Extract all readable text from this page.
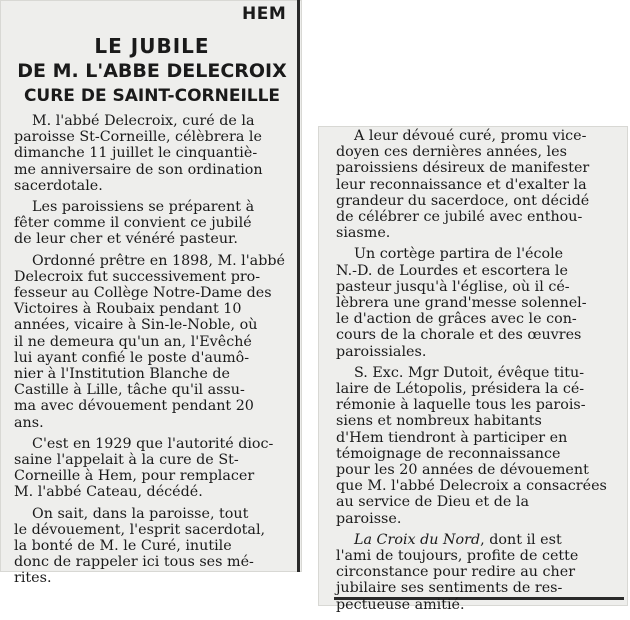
HEM
LE JUBILE
DE M. L'ABBE DELECROIX
CURE DE SAINT-CORNEILLE
M. l'abbé Delecroix, curé de la
paroisse St-Corneille, célèbrera le
dimanche 11 juillet le cinquantiè-
me anniversaire de son ordination
sacerdotale.
Les paroissiens se préparent à
fêter comme il convient ce jubilé
de leur cher et vénéré pasteur.
Ordonné prêtre en 1898, M. l'abbé
Delecroix fut successivement pro-
fesseur au Collège Notre-Dame des
Victoires à Roubaix pendant 10
années, vicaire à Sin-le-Noble, où
il ne demeura qu'un an, l'Evêché
lui ayant confié le poste d'aumô-
nier à l'Institution Blanche de
Castille à Lille, tâche qu'il assu-
ma avec dévouement pendant 20
ans.
C'est en 1929 que l'autorité dioc-
saine l'appelait à la cure de St-
Corneille à Hem, pour remplacer
M. l'abbé Cateau, décédé.
On sait, dans la paroisse, tout
le dévouement, l'esprit sacerdotal,
la bonté de M. le Curé, inutile
donc de rappeler ici tous ses mé-
rites.
A leur dévoué curé, promu vice-
doyen ces dernières années, les
paroissiens désireux de manifester
leur reconnaissance et d'exalter la
grandeur du sacerdoce, ont décidé
de célébrer ce jubilé avec enthou-
siasme.
Un cortège partira de l'école
N.-D. de Lourdes et escortera le
pasteur jusqu'à l'église, où il cé-
lèbrera une grand'messe solennel-
le d'action de grâces avec le con-
cours de la chorale et des œuvres
paroissiales.
S. Exc. Mgr Dutoit, évêque titu-
laire de Létopolis, présidera la cé-
rémonie à laquelle tous les parois-
siens et nombreux habitants
d'Hem tiendront à participer en
témoignage de reconnaissance
pour les 20 années de dévouement
que M. l'abbé Delecroix a consacrées
au service de Dieu et de la
paroisse.
La Croix du Nord, dont il est
l'ami de toujours, profite de cette
circonstance pour redire au cher
jubilaire ses sentiments de res-
pectueuse amitié.
